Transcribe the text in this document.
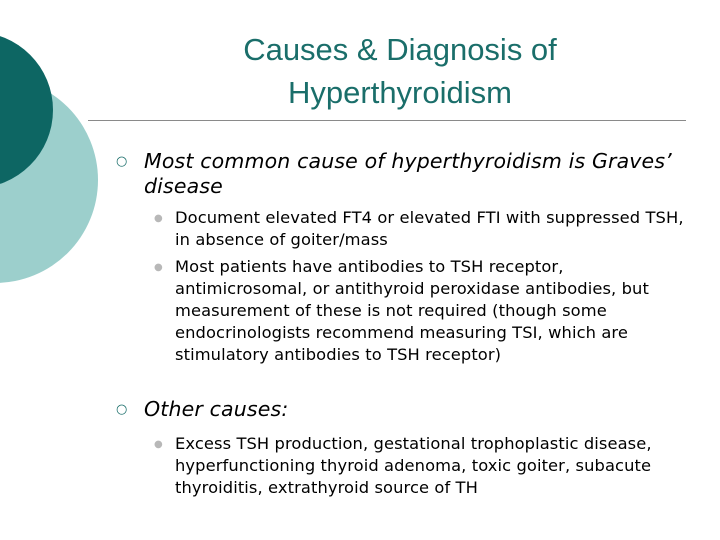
Causes & Diagnosis of
Hyperthyroidism
○ Most common cause of hyperthyroidism is Graves’ disease
● Document elevated FT4 or elevated FTI with suppressed TSH, in absence of goiter/mass
● Most patients have antibodies to TSH receptor, antimicrosomal, or antithyroid peroxidase antibodies, but measurement of these is not required (though some endocrinologists recommend measuring TSI, which are stimulatory antibodies to TSH receptor)
○ Other causes:
● Excess TSH production, gestational trophoplastic disease, hyperfunctioning thyroid adenoma, toxic goiter, subacute thyroiditis, extrathyroid source of TH
